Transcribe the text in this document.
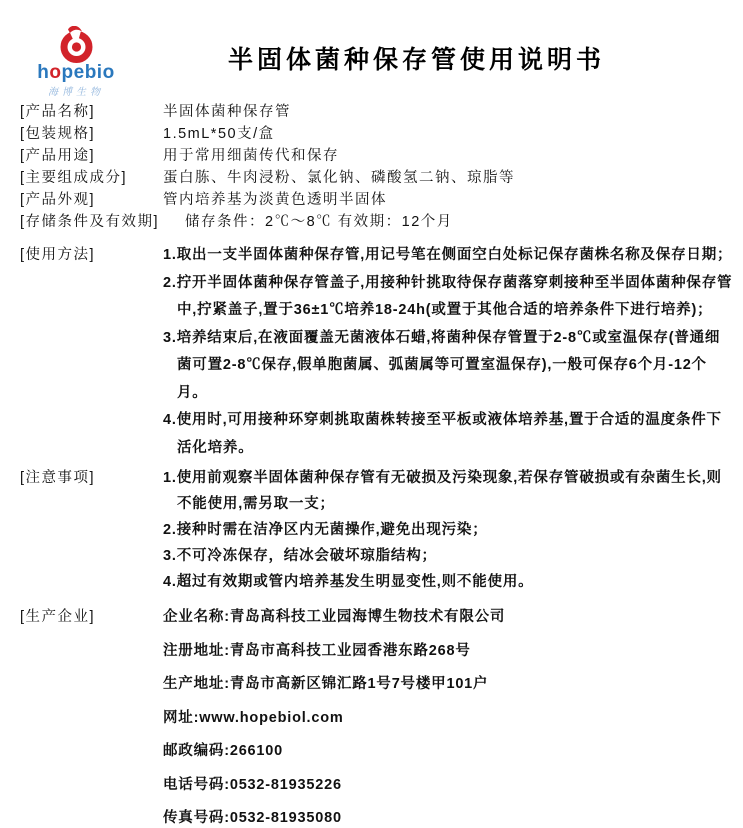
hopebio
海博生物
半固体菌种保存管使用说明书
[产品名称]	半固体菌种保存管
[包装规格]	1.5mL*50支/盒
[产品用途]	用于常用细菌传代和保存
[主要组成成分]	蛋白胨、牛肉浸粉、氯化钠、磷酸氢二钠、琼脂等
[产品外观]	管内培养基为淡黄色透明半固体
[存储条件及有效期]	储存条件：2℃～8℃ 有效期：12个月
[使用方法]	1.取出一支半固体菌种保存管,用记号笔在侧面空白处标记保存菌株名称及保存日期；
2.拧开半固体菌种保存管盖子,用接种针挑取待保存菌落穿刺接种至半固体菌种保存管中,拧紧盖子,置于36±1℃培养18-24h(或置于其他合适的培养条件下进行培养)；
3.培养结束后,在液面覆盖无菌液体石蜡,将菌种保存管置于2-8℃或室温保存(普通细菌可置2-8℃保存,假单胞菌属、弧菌属等可置室温保存),一般可保存6个月-12个月。
4.使用时,可用接种环穿刺挑取菌株转接至平板或液体培养基,置于合适的温度条件下活化培养。
[注意事项]	1.使用前观察半固体菌种保存管有无破损及污染现象,若保存管破损或有杂菌生长,则不能使用,需另取一支；
2.接种时需在洁净区内无菌操作,避免出现污染；
3.不可冷冻保存，结冰会破坏琼脂结构；
4.超过有效期或管内培养基发生明显变性,则不能使用。
[生产企业]	企业名称:青岛高科技工业园海博生物技术有限公司
注册地址:青岛市高科技工业园香港东路268号
生产地址:青岛市高新区锦汇路1号7号楼甲101户
网址:www.hopebiol.com
邮政编码:266100
电话号码:0532-81935226
传真号码:0532-81935080
